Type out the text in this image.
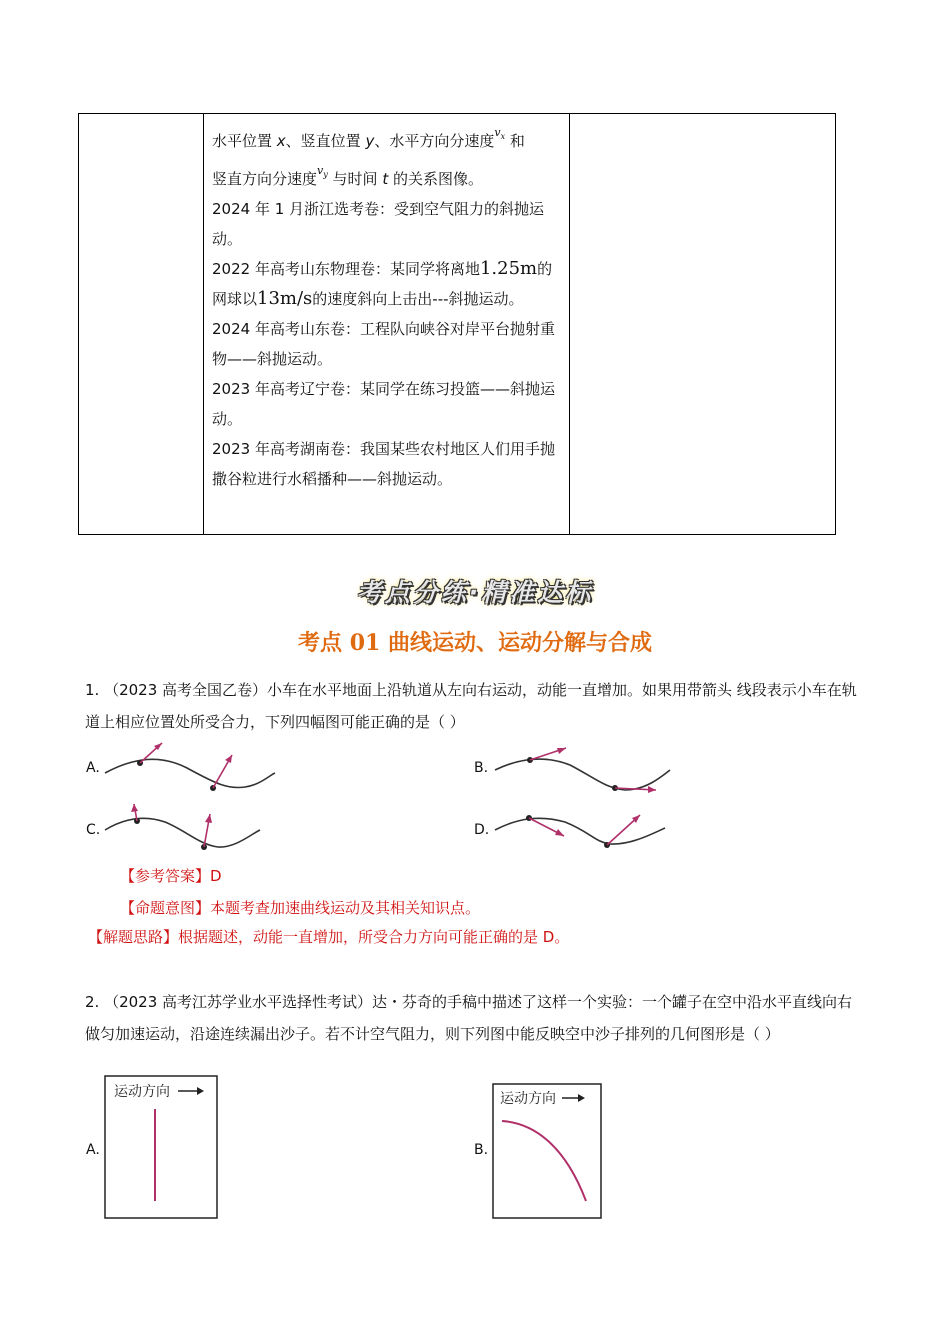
水平位置 x、竖直位置 y、水平方向分速度$^{v_x}$ 和

竖直方向分速度$^{v_y}$ 与时间 t 的关系图像。

2024 年 1 月浙江选考卷：受到空气阻力的斜抛运动。

2022 年高考山东物理卷：某同学将离地1.25m的网球以13m/s的速度斜向上击出---斜抛运动。

2024 年高考山东卷：工程队向峡谷对岸平台抛射重物——斜抛运动。

2023 年高考辽宁卷：某同学在练习投篮——斜抛运动。

2023 年高考湖南卷：我国某些农村地区人们用手抛撒谷粒进行水稻播种——斜抛运动。

考点分练·精准达标
考点 01 曲线运动、运动分解与合成
1. （2023 高考全国乙卷）小车在水平地面上沿轨道从左向右运动，动能一直增加。如果用带箭头 线段表示小车在轨道上相应位置处所受合力，下列四幅图可能正确的是（ ）
A.	B.
C.	D.
【参考答案】D
【命题意图】本题考查加速曲线运动及其相关知识点。
【解题思路】根据题述，动能一直增加，所受合力方向可能正确的是 D。
2. （2023 高考江苏学业水平选择性考试）达・芬奇的手稿中描述了这样一个实验：一个罐子在空中沿水平直线向右做匀加速运动，沿途连续漏出沙子。若不计空气阻力，则下列图中能反映空中沙子排列的几何图形是（ ）
A.
运动方向
B.
运动方向
